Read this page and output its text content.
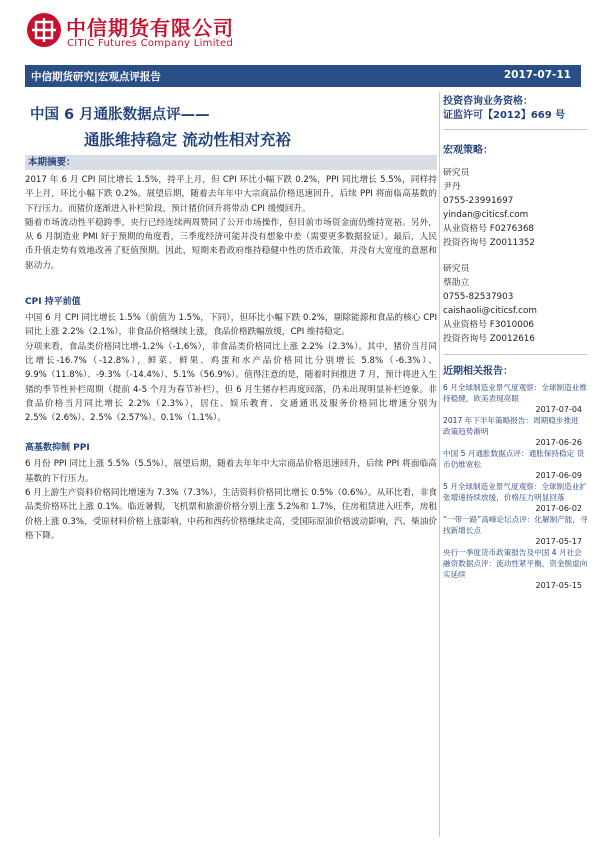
中信期货有限公司
CITIC Futures Company Limited
中信期货研究|宏观点评报告	2017-07-11
中国 6 月通胀数据点评——
通胀维持稳定 流动性相对充裕
本期摘要：

2017 年 6 月 CPI 同比增长 1.5%，持平上月，但 CPI 环比小幅下跌 0.2%，PPI 同比增长 5.5%，同样持平上月，环比小幅下跌 0.2%。展望后期，随着去年年中大宗商品价格迅速回升，后续 PPI 将面临高基数的下行压力。而猪价逐渐进入补栏阶段，预计猪价回升将带动 CPI 缓慢回升。

随着市场流动性平稳跨季，央行已经连续两周赞同了公开市场操作，但目前市场资金面仍维持宽裕。另外，从 6 月制造业 PMI 好于预期的角度看，三季度经济可能并没有想象中差（需要更多数据验证）。最后，人民币升值走势有效地改善了贬值预期。因此，短期来看政府维持稳健中性的货币政策，并没有大宽度的意愿和驱动力。

CPI 持平前值

中国 6 月 CPI 同比增长 1.5%（前值为 1.5%，下同），但环比小幅下跌 0.2%，剔除能源和食品的核心 CPI 同比上涨 2.2%（2.1%），非食品价格继续上涨，食品价格跌幅放缓，CPI 维持稳定。

分项来看，食品类价格同比增-1.2%（-1.6%），非食品类价格同比上涨 2.2%（2.3%）。其中，猪价当月同比增长-16.7%（-12.8%），鲜菜、鲜果、鸡蛋和水产品价格同比分别增长 5.8%（-6.3%）、9.9%（11.8%）、-9.3%（-14.4%）、5.1%（56.9%）。值得注意的是，随着时间推进 7 月，预计将进入生猪的季节性补栏周期（提前 4-5 个月为春节补栏），但 6 月生猪存栏再度回落，仍未出现明显补栏迹象。非食品价格当月同比增长 2.2%（2.3%），居住、娱乐教育、交通通讯及服务价格同比增速分别为 2.5%（2.6%）、2.5%（2.57%）、0.1%（1.1%）。

高基数抑制 PPI

6 月份 PPI 同比上涨 5.5%（5.5%），展望后期，随着去年年中大宗商品价格迅速回升，后续 PPI 将面临高基数的下行压力。

6 月上游生产资料价格同比增速为 7.3%（7.3%），生活资料价格同比增长 0.5%（0.6%）。从环比看，非食品类价格环比上涨 0.1%。临近暑假，飞机票和旅游价格分别上涨 5.2%和 1.7%，住房租赁进入旺季，房租价格上涨 0.3%，受原材料价格上涨影响，中药和西药价格继续走高，受国际原油价格波动影响，汽、柴油价格下降。

投资咨询业务资格：
证监许可【2012】669 号
宏观策略：
研究员
尹丹
0755-23991697
yindan@citicsf.com
从业资格号 F0276368
投资咨询号 Z0011352
研究员
蔡劭立
0755-82537903
caishaoli@citicsf.com
从业资格号 F3010006
投资咨询号 Z0012616
近期相关报告：
6 月全球制造业景气度观察：全球制造业维持稳健，欧美表现亮眼
2017-07-04
2017 年下半年策略报告：周期稳步推进 政策趋势渐明
2017-06-26
中国 5 月通胀数据点评：通胀保持稳定 货币仍维宽松
2017-06-09
5 月全球制造业景气度观察：全球制造业扩张增速持续放缓，价格压力明显回落
2017-06-02
“一带一路”高峰论坛点评：化解制产能，寻找新增长点
2017-05-17
央行一季度货币政策报告及中国 4 月社会融资数据点评：流动性紧平衡，资金脱虚向实延续
2017-05-15
